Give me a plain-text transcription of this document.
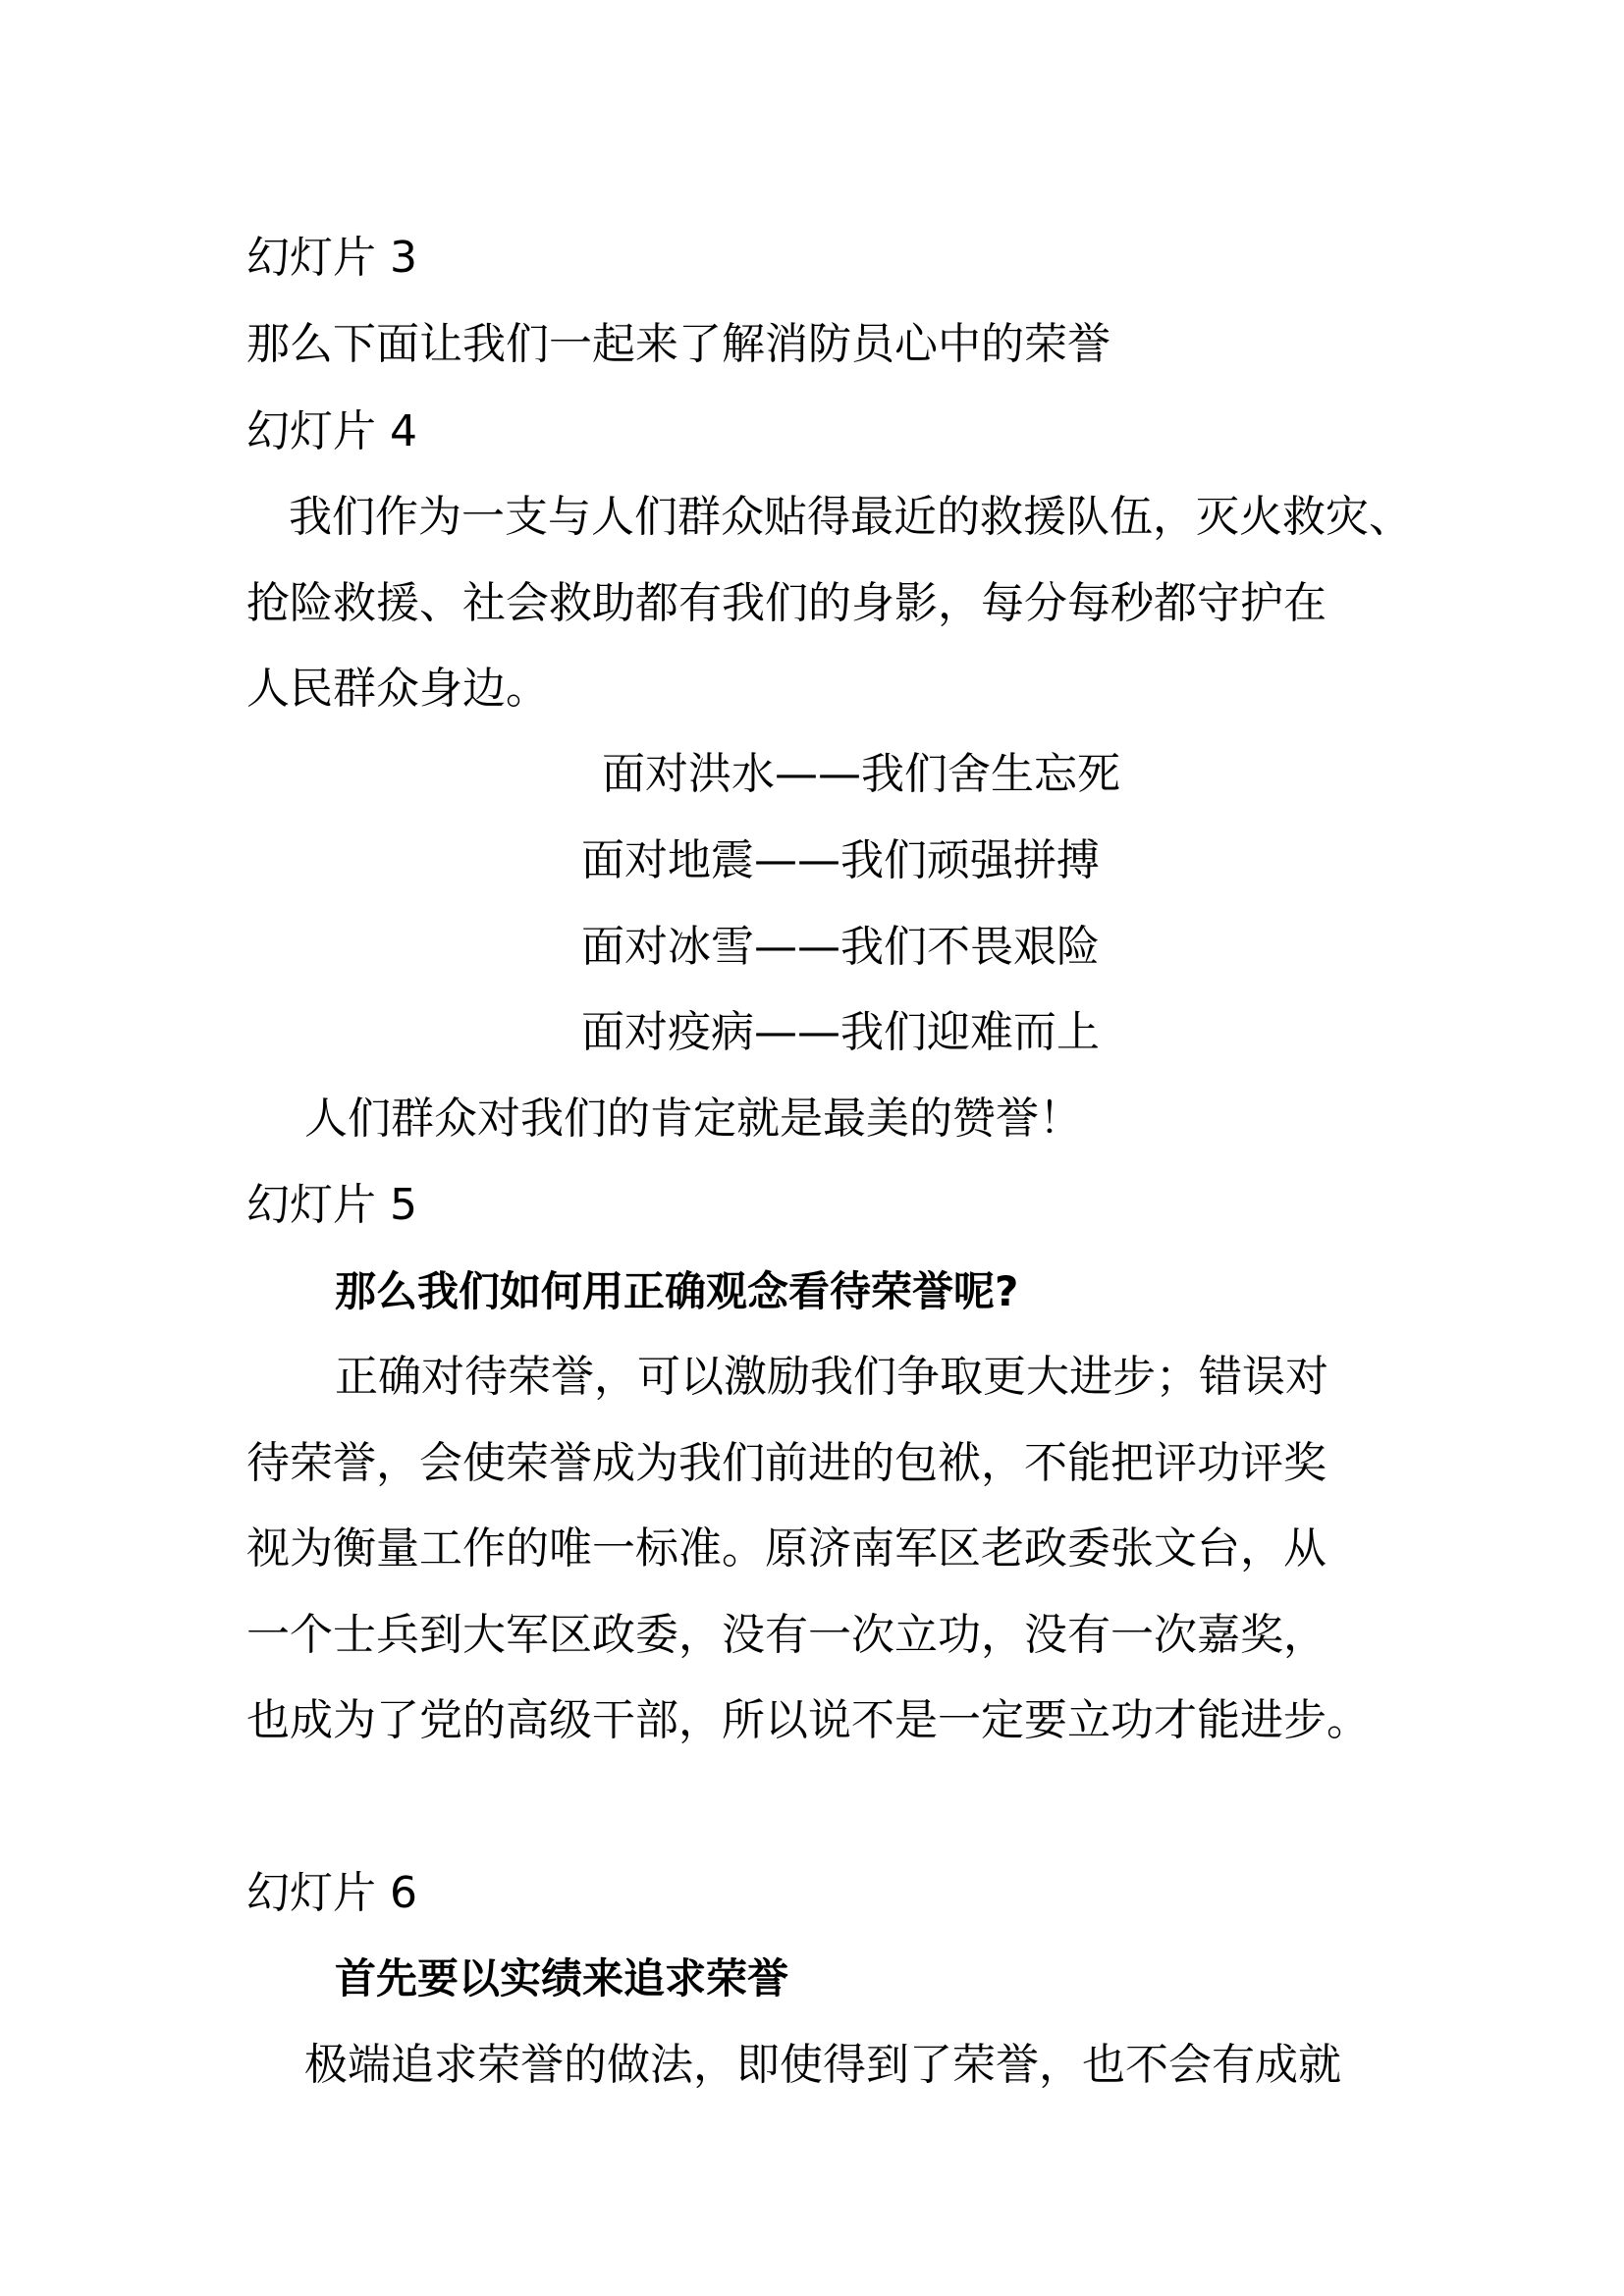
幻灯片 3
那么下面让我们一起来了解消防员心中的荣誉
幻灯片 4
我们作为一支与人们群众贴得最近的救援队伍，灭火救灾、
抢险救援、社会救助都有我们的身影，每分每秒都守护在
人民群众身边。
面对洪水——我们舍生忘死
面对地震——我们顽强拼搏
面对冰雪——我们不畏艰险
面对疫病——我们迎难而上
人们群众对我们的肯定就是最美的赞誉！
幻灯片 5
那么我们如何用正确观念看待荣誉呢?
正确对待荣誉，可以激励我们争取更大进步；错误对
待荣誉，会使荣誉成为我们前进的包袱，不能把评功评奖
视为衡量工作的唯一标准。原济南军区老政委张文台，从
一个士兵到大军区政委，没有一次立功，没有一次嘉奖，
也成为了党的高级干部，所以说不是一定要立功才能进步。
幻灯片 6
首先要以实绩来追求荣誉
极端追求荣誉的做法，即使得到了荣誉，也不会有成就
